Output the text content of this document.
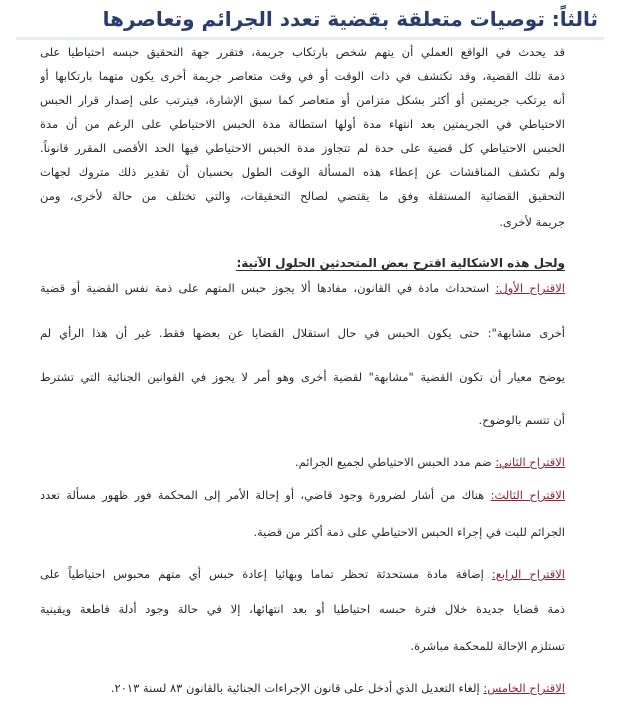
ثالثاً: توصيات متعلقة بقضية تعدد الجرائم وتعاصرها
قد يحدث في الواقع العملي أن يتهم شخص بارتكاب جريمة، فتقرر جهة التحقيق حبسه احتياطيا على
ذمة تلك القضية، وقد تكتشف في ذات الوقت أو في وقت متعاصر جريمة أخرى يكون متهما بارتكابها أو
أنه يرتكب جريمتين أو أكثر بشكل متزامن أو متعاصر كما سبق الإشارة، فيترتب على إصدار قرار الحبس
الاحتياطي في الجريمتين بعد انتهاء مدة أولها استطالة مدة الحبس الاحتياطي على الرغم من أن مدة
الحبس الاحتياطي كل قضية على حدة لم تتجاوز مدة الحبس الاحتياطي فيها الحد الأقصى المقرر قانوناً.
ولم تكشف المناقشات عن إعطاء هذه المسألة الوقت الطول بحسبان أن تقدير ذلك متروك لجهات
التحقيق القضائية المستقلة وفق ما يقتضي لصالح التحقيقات، والتي تختلف من حالة لأخرى، ومن
جريمة لأخرى.
ولحل هذه الاشكالية اقترح بعض المتحدثين الحلول الآتية:
الاقتراح الأول: استحداث مادة في القانون، مفادها ألا يجوز حبس المتهم على ذمة نفس القضية أو قضية
أخرى مشابهة": حتى يكون الحبس في حال استقلال القضايا عن بعضها فقط. غير أن هذا الرأي لم
يوضح معيار أن تكون القضية "مشابهة" لقضية أخرى وهو أمر لا يجوز في القوانين الجنائية التي تشترط
أن تتسم بالوضوح.
الاقتراح الثاني: ضم مدد الحبس الاحتياطي لجميع الجرائم.
الاقتراح الثالث: هناك من أشار لضرورة وجود قاضي، أو إحالة الأمر إلى المحكمة فور ظهور مسألة تعدد
الجرائم للبت في إجراء الحبس الاحتياطي على ذمة أكثر من قضية.
الاقتراح الرابع: إضافة مادة مستحدثة تحظر تماما وبهائيا إعادة حبس أي متهم محبوس احتياطياً على
ذمة قضايا جديدة خلال فترة حبسه احتياطيا أو بعد انتهائها، إلا في حالة وجود أدلة قاطعة ويقينية
تستلزم الإحالة للمحكمة مباشرة.
الاقتراح الخامس: إلغاء التعديل الذي أدخل على قانون الإجراءات الجنائية بالقانون ٨٣ لسنة ٢٠١٣.
